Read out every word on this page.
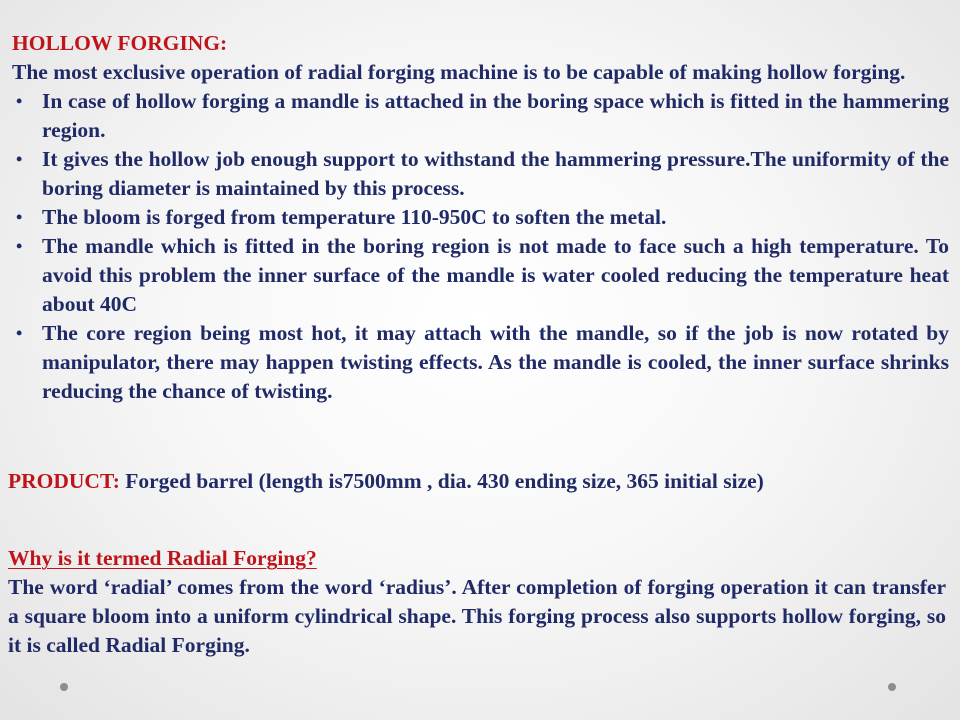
HOLLOW FORGING:
The most exclusive operation of radial forging machine is to be capable of making hollow forging.
• In case of hollow forging a mandle is attached in the boring space which is fitted in the hammering region.
• It gives the hollow job enough support to withstand the hammering pressure.The uniformity of the boring diameter is maintained by this process.
• The bloom is forged from temperature 110-950C to soften the metal.
• The mandle which is fitted in the boring region is not made to face such a high temperature. To avoid this problem the inner surface of the mandle is water cooled reducing the temperature heat about 40C
• The core region being most hot, it may attach with the mandle, so if the job is now rotated by manipulator, there may happen twisting effects. As the mandle is cooled, the inner surface shrinks reducing the chance of twisting.
PRODUCT: Forged barrel (length is7500mm , dia. 430 ending size, 365 initial size)
Why is it termed Radial Forging?
The word ‘radial’ comes from the word ‘radius’. After completion of forging operation it can transfer a square bloom into a uniform cylindrical shape. This forging process also supports hollow forging, so it is called Radial Forging.
